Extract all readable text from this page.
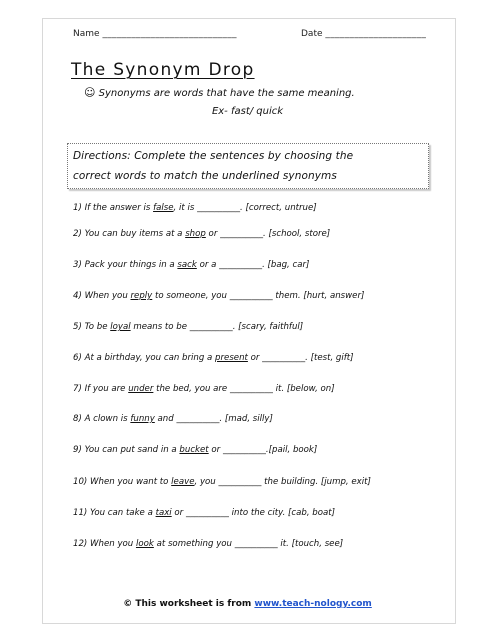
Name ____________________________	Date _____________________
The Synonym Drop
☺ Synonyms are words that have the same meaning.
Ex- fast/ quick
Directions: Complete the sentences by choosing the
correct words to match the underlined synonyms
1) If the answer is false, it is __________. [correct, untrue]
2) You can buy items at a shop or __________. [school, store]
3) Pack your things in a sack or a __________. [bag, car]
4) When you reply to someone, you __________ them. [hurt, answer]
5) To be loyal means to be __________. [scary, faithful]
6) At a birthday, you can bring a present or __________. [test, gift]
7) If you are under the bed, you are __________ it. [below, on]
8) A clown is funny and __________. [mad, silly]
9) You can put sand in a bucket or __________.[pail, book]
10) When you want to leave, you __________ the building. [jump, exit]
11) You can take a taxi or __________ into the city. [cab, boat]
12) When you look at something you __________ it. [touch, see]
© This worksheet is from www.teach-nology.com
